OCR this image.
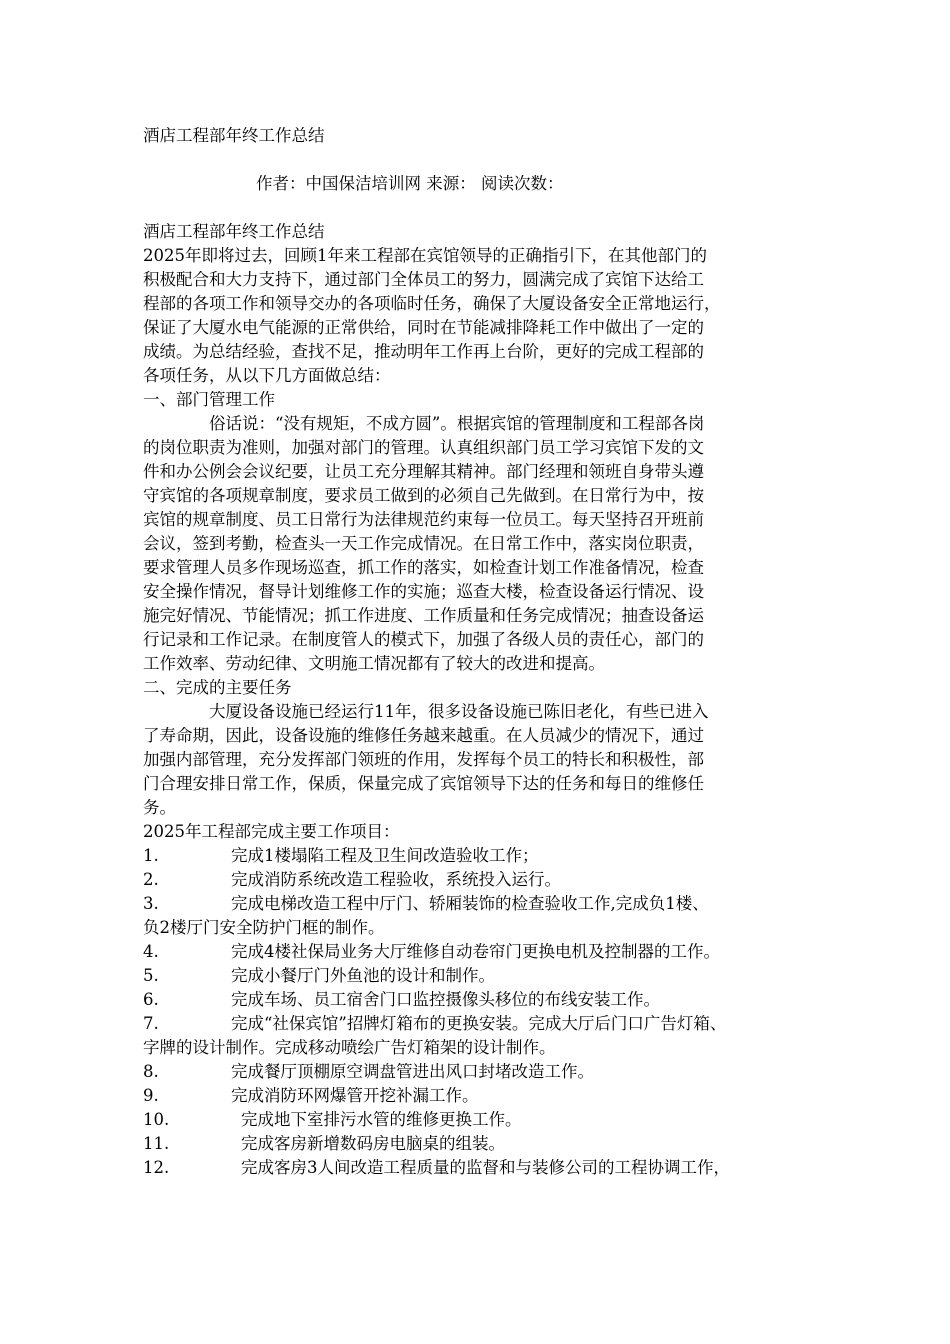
酒店工程部年终工作总结
作者：中国保洁培训网 来源： 阅读次数：
酒店工程部年终工作总结
2025年即将过去，回顾1年来工程部在宾馆领导的正确指引下，在其他部门的
积极配合和大力支持下，通过部门全体员工的努力，圆满完成了宾馆下达给工
程部的各项工作和领导交办的各项临时任务，确保了大厦设备安全正常地运行，
保证了大厦水电气能源的正常供给，同时在节能减排降耗工作中做出了一定的
成绩。为总结经验，查找不足，推动明年工作再上台阶，更好的完成工程部的
各项任务，从以下几方面做总结：
一、部门管理工作
俗话说：“没有规矩，不成方圆”。根据宾馆的管理制度和工程部各岗
的岗位职责为准则，加强对部门的管理。认真组织部门员工学习宾馆下发的文
件和办公例会会议纪要，让员工充分理解其精神。部门经理和领班自身带头遵
守宾馆的各项规章制度，要求员工做到的必须自己先做到。在日常行为中，按
宾馆的规章制度、员工日常行为法律规范约束每一位员工。每天坚持召开班前
会议，签到考勤，检查头一天工作完成情况。在日常工作中，落实岗位职责，
要求管理人员多作现场巡查，抓工作的落实，如检查计划工作准备情况，检查
安全操作情况，督导计划维修工作的实施；巡查大楼，检查设备运行情况、设
施完好情况、节能情况；抓工作进度、工作质量和任务完成情况；抽查设备运
行记录和工作记录。在制度管人的模式下，加强了各级人员的责任心，部门的
工作效率、劳动纪律、文明施工情况都有了较大的改进和提高。
二、完成的主要任务
大厦设备设施已经运行11年，很多设备设施已陈旧老化，有些已进入
了寿命期，因此，设备设施的维修任务越来越重。在人员减少的情况下，通过
加强内部管理，充分发挥部门领班的作用，发挥每个员工的特长和积极性，部
门合理安排日常工作，保质，保量完成了宾馆领导下达的任务和每日的维修任
务。
2025年工程部完成主要工作项目：
1.	完成1楼塌陷工程及卫生间改造验收工作；
2.	完成消防系统改造工程验收，系统投入运行。
3.	完成电梯改造工程中厅门、轿厢装饰的检查验收工作,完成负1楼、
负2楼厅门安全防护门框的制作。
4.	完成4楼社保局业务大厅维修自动卷帘门更换电机及控制器的工作。
5.	完成小餐厅门外鱼池的设计和制作。
6.	完成车场、员工宿舍门口监控摄像头移位的布线安装工作。
7.	完成“社保宾馆”招牌灯箱布的更换安装。完成大厅后门口广告灯箱、
字牌的设计制作。完成移动喷绘广告灯箱架的设计制作。
8.	完成餐厅顶棚原空调盘管进出风口封堵改造工作。
9.	完成消防环网爆管开挖补漏工作。
10.	完成地下室排污水管的维修更换工作。
11.	完成客房新增数码房电脑桌的组装。
12.	完成客房3人间改造工程质量的监督和与装修公司的工程协调工作，
